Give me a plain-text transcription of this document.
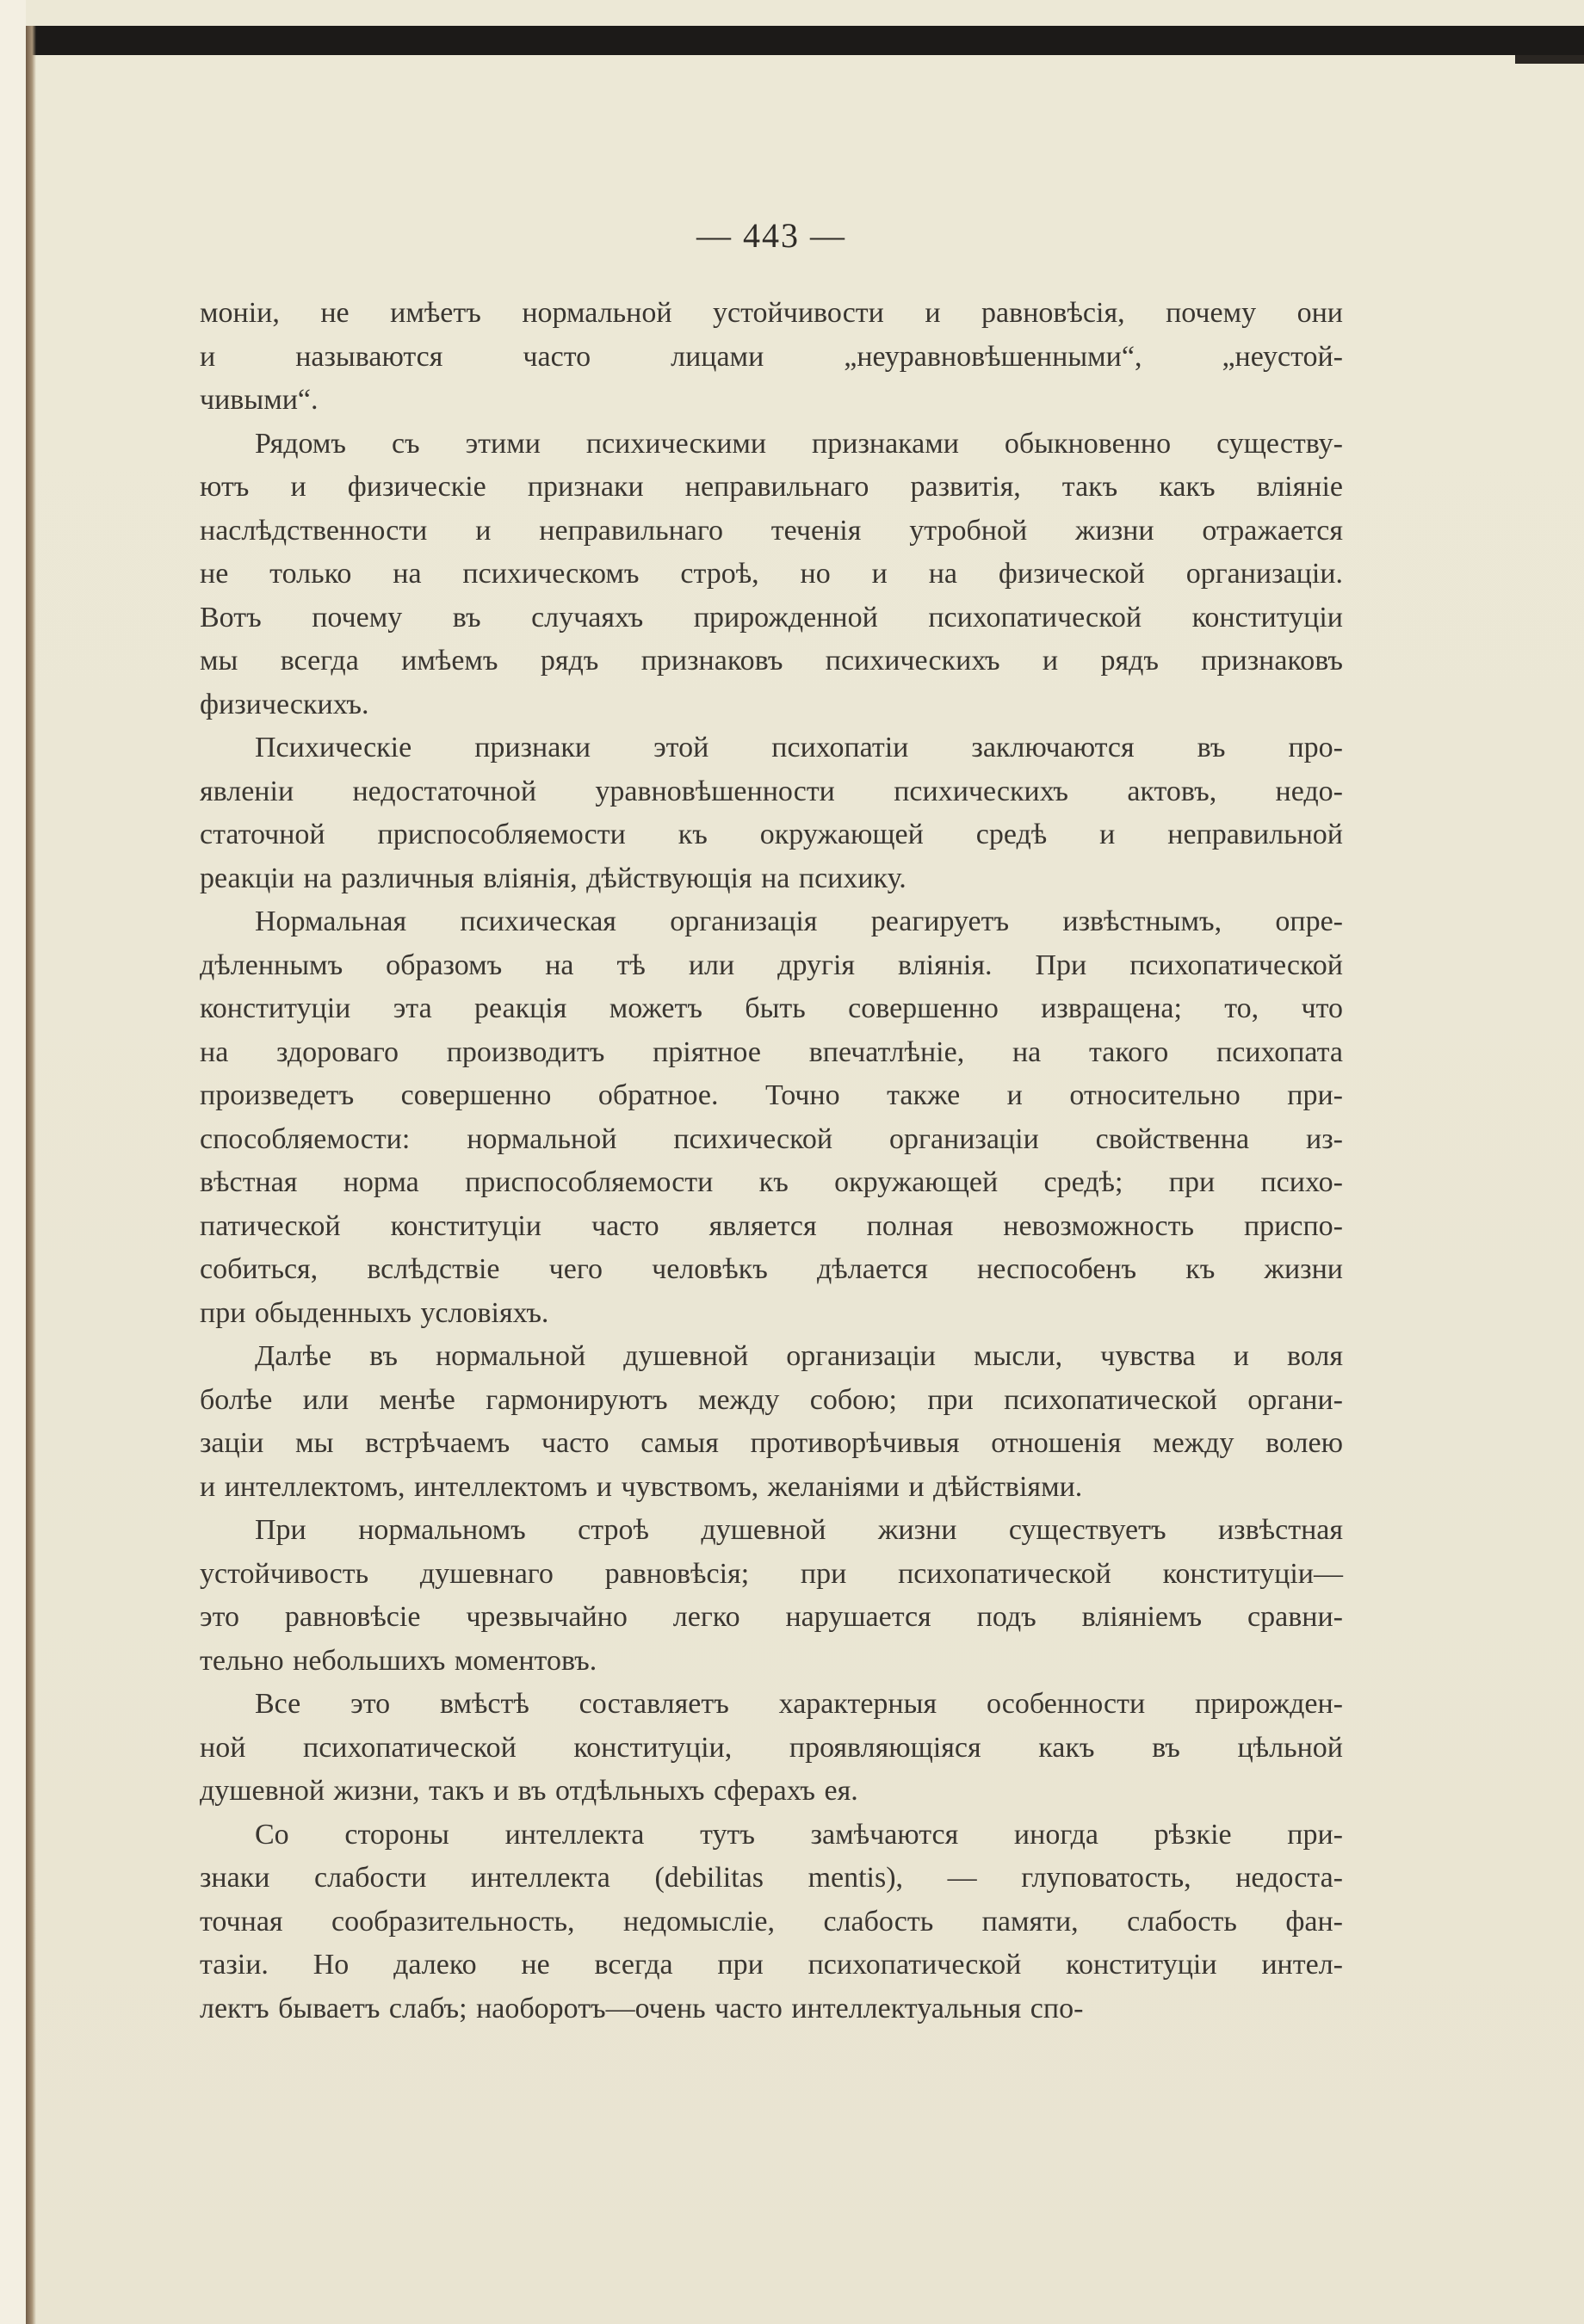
— 443 —
моніи, не имѣетъ нормальной устойчивости и равновѣсія, почему они
и называются часто лицами „неуравновѣшенными“, „неустой-
чивыми“.
Рядомъ съ этими психическими признаками обыкновенно существу-
ютъ и физическіе признаки неправильнаго развитія, такъ какъ вліяніе
наслѣдственности и неправильнаго теченія утробной жизни отражается
не только на психическомъ строѣ, но и на физической организаціи.
Вотъ почему въ случаяхъ прирожденной психопатической конституціи
мы всегда имѣемъ рядъ признаковъ психическихъ и рядъ признаковъ
физическихъ.
Психическіе признаки этой психопатіи заключаются въ про-
явленіи недостаточной уравновѣшенности психическихъ актовъ, недо-
статочной приспособляемости къ окружающей средѣ и неправильной
реакціи на различныя вліянія, дѣйствующія на психику.
Нормальная психическая организація реагируетъ извѣстнымъ, опре-
дѣленнымъ образомъ на тѣ или другія вліянія. При психопатической
конституціи эта реакція можетъ быть совершенно извращена; то, что
на здороваго производитъ пріятное впечатлѣніе, на такого психопата
произведетъ совершенно обратное. Точно также и относительно при-
способляемости: нормальной психической организаціи свойственна из-
вѣстная норма приспособляемости къ окружающей средѣ; при психо-
патической конституціи часто является полная невозможность приспо-
собиться, вслѣдствіе чего человѣкъ дѣлается неспособенъ къ жизни
при обыденныхъ условіяхъ.
Далѣе въ нормальной душевной организаціи мысли, чувства и воля
болѣе или менѣе гармонируютъ между собою; при психопатической органи-
заціи мы встрѣчаемъ часто самыя противорѣчивыя отношенія между волею
и интеллектомъ, интеллектомъ и чувствомъ, желаніями и дѣйствіями.
При нормальномъ строѣ душевной жизни существуетъ извѣстная
устойчивость душевнаго равновѣсія; при психопатической конституціи—
это равновѣсіе чрезвычайно легко нарушается подъ вліяніемъ сравни-
тельно небольшихъ моментовъ.
Все это вмѣстѣ составляетъ характерныя особенности прирожден-
ной психопатической конституціи, проявляющіяся какъ въ цѣльной
душевной жизни, такъ и въ отдѣльныхъ сферахъ ея.
Со стороны интеллекта тутъ замѣчаются иногда рѣзкіе при-
знаки слабости интеллекта (debilitas mentis), — глуповатость, недоста-
точная сообразительность, недомысліе, слабость памяти, слабость фан-
тазіи. Но далеко не всегда при психопатической конституціи интел-
лектъ бываетъ слабъ; наоборотъ—очень часто интеллектуальныя спо-
